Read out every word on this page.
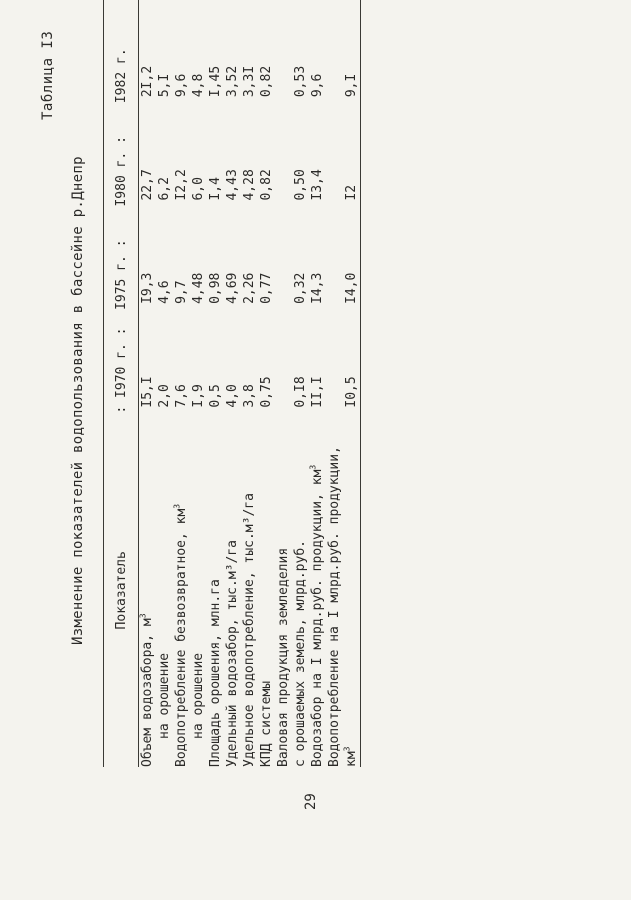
Таблица I3
Изменение показателей водопользования в бассейне р.Днепр Показатель	: I970 г. :	I975 г. :	I980 г. :	I982 г.
Объем водозабора, $м^3$	I5,I	I9,3	22,7	2I,2
на орошение	2,0	4,6	6,2	5,I
Водопотребление безвозвратное, $км^3$	7,6	9,7	I2,2	9,6
на орошение	I,9	4,48	6,0	4,8
Площадь орошения, млн.га	0,5	0,98	I,4	I,45
Удельный водозабор, тыс.м³/га	4,0	4,69	4,43	3,52
Удельное водопотребление, тыс.м³/га	3,8	2,26	4,28	3,3I
КПД системы	0,75	0,77	0,82	0,82
Валовая продукция земледелия				
с орошаемых земель, млрд.руб.	0,I8	0,32	0,50	0,53
Водозабор на I млрд.руб. продукции, $км^3$	II,I	I4,3	I3,4	9,6
Водопотребление на I млрд.руб. продукции,				
$км^3$	I0,5	I4,0	I2	9,I
29
